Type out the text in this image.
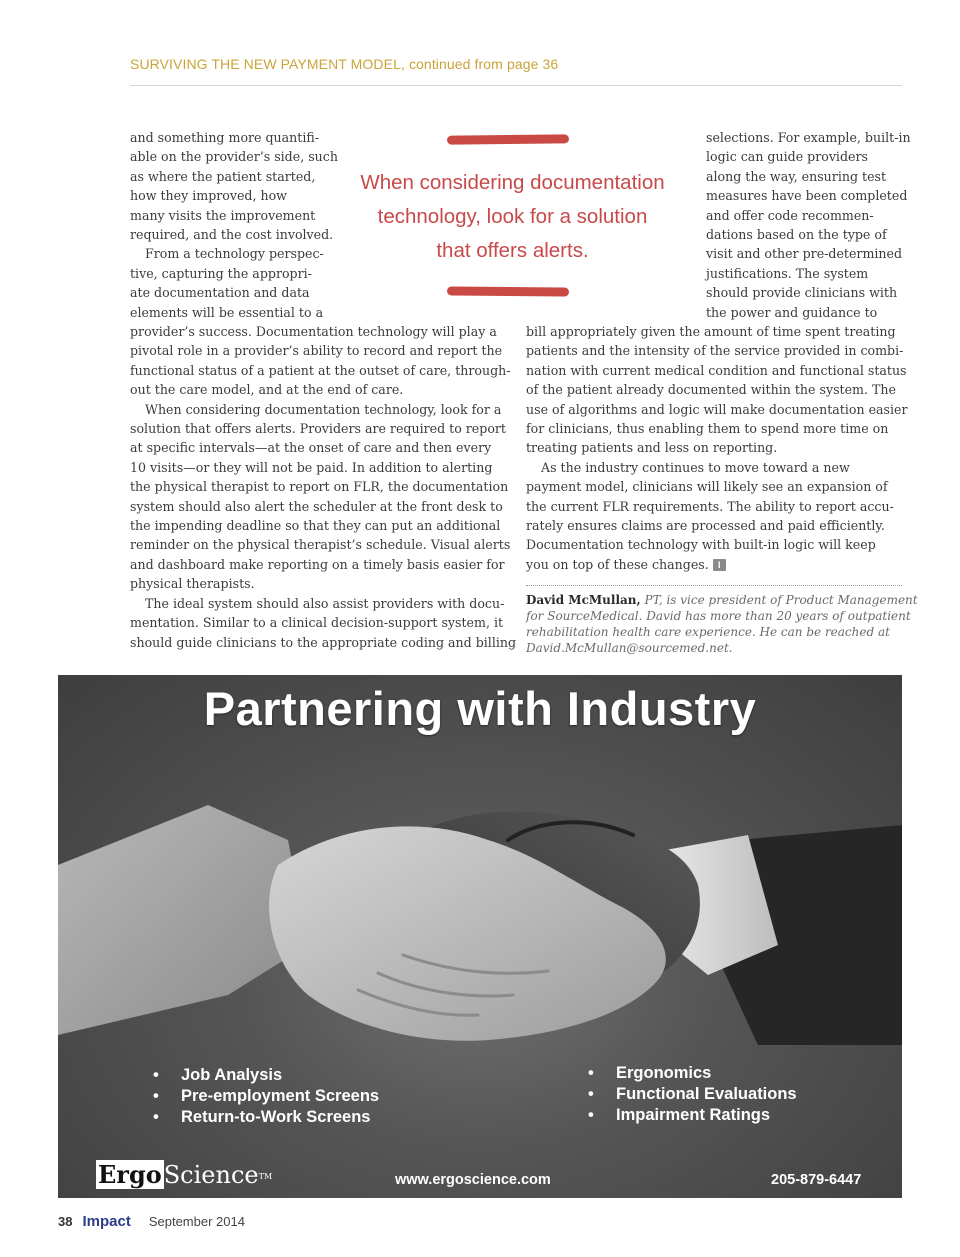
SURVIVING THE NEW PAYMENT MODEL, continued from page 36
and something more quantifi-
able on the provider’s side, such
as where the patient started,
how they improved, how
many visits the improvement
required, and the cost involved.
From a technology perspec-
tive, capturing the appropri-
ate documentation and data
elements will be essential to a
provider’s success. Documentation technology will play a
pivotal role in a provider’s ability to record and report the
functional status of a patient at the outset of care, through-
out the care model, and at the end of care.
When considering documentation technology, look for a
solution that offers alerts. Providers are required to report
at specific intervals—at the onset of care and then every
10 visits—or they will not be paid. In addition to alerting
the physical therapist to report on FLR, the documentation
system should also alert the scheduler at the front desk to
the impending deadline so that they can put an additional
reminder on the physical therapist’s schedule. Visual alerts
and dashboard make reporting on a timely basis easier for
physical therapists.
The ideal system should also assist providers with docu-
mentation. Similar to a clinical decision-support system, it
should guide clinicians to the appropriate coding and billing
When considering documentation
technology, look for a solution
that offers alerts.
selections. For example, built-in
logic can guide providers
along the way, ensuring test
measures have been completed
and offer code recommen-
dations based on the type of
visit and other pre-determined
justifications. The system
should provide clinicians with
the power and guidance to
bill appropriately given the amount of time spent treating
patients and the intensity of the service provided in combi-
nation with current medical condition and functional status
of the patient already documented within the system. The
use of algorithms and logic will make documentation easier
for clinicians, thus enabling them to spend more time on
treating patients and less on reporting.
As the industry continues to move toward a new
payment model, clinicians will likely see an expansion of
the current FLR requirements. The ability to report accu-
rately ensures claims are processed and paid efficiently.
Documentation technology with built-in logic will keep
you on top of these changes. I
David McMullan, PT, is vice president of Product Management
for SourceMedical. David has more than 20 years of outpatient
rehabilitation health care experience. He can be reached at
David.McMullan@sourcemed.net.
Partnering with Industry
• Job Analysis
• Pre-employment Screens
• Return-to-Work Screens
• Ergonomics
• Functional Evaluations
• Impairment Ratings
ErgoScience™	www.ergoscience.com	205-879-6447
38 Impact September 2014
